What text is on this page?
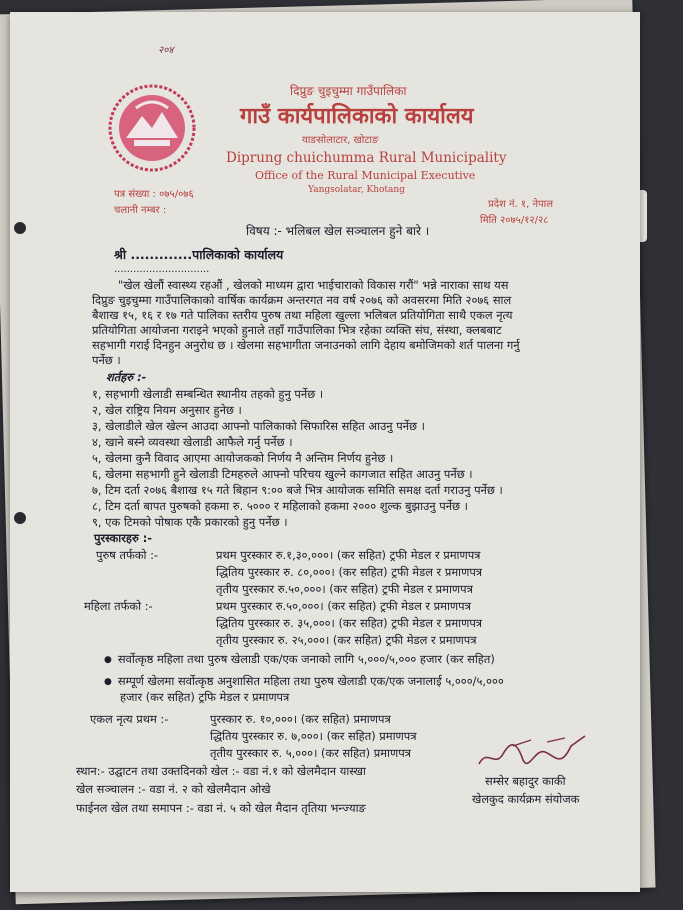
२०४
दिप्रुङ चुइचुम्मा गाउँपालिका
गाउँ कार्यपालिकाको कार्यालय
याङसोलाटार, खोटाङ
Diprung chuichumma Rural Municipality
Office of the Rural Municipal Executive
Yangsolatar, Khotang
पत्र संख्या : ०७५/०७६
चलानी नम्बर :
प्रदेश नं. १, नेपाल
मिति २०७५/१२/२८
विषय :- भलिबल खेल सञ्चालन हुने बारे ।
श्री .............पालिकाको कार्यालय
..............................
"खेल खेलौं स्वास्थ्य रहऔं , खेलको माध्यम द्वारा भाईचाराको विकास गरौं" भन्ने नाराका साथ यस
दिप्रुङ चुइचुम्मा गाउँपालिकाको वार्षिक कार्यक्रम अन्तरगत नव वर्ष २०७६ को अवसरमा मिति २०७६ साल
बैशाख १५, १६ र १७ गते पालिका स्तरीय पुरुष तथा महिला खुल्ला भलिबल प्रतियोगिता साथै एकल नृत्य
प्रतियोगिता आयोजना गराइने भएको हुनाले तहाँ गाउँपालिका भित्र रहेका व्यक्ति संघ, संस्था, क्लबबाट
सहभागी गराई दिनहुन अनुरोध छ । खेलमा सहभागीता जनाउनको लागि देहाय बमोजिमको शर्त पालना गर्नु
पर्नेछ ।
शर्तहरु :-
१, सहभागी खेलाडी सम्बन्धित स्थानीय तहको हुनु पर्नेछ ।
२, खेल राष्ट्रिय नियम अनुसार हुनेछ ।
३, खेलाडीले खेल खेल्न आउदा आफ्नो पालिकाको सिफारिस सहित आउनु पर्नेछ ।
४, खाने बस्ने व्यवस्था खेलाडी आफैले गर्नु पर्नेछ ।
५, खेलमा कुनै विवाद आएमा आयोजकको निर्णय नै अन्तिम निर्णय हुनेछ ।
६, खेलमा सहभागी हुने खेलाडी टिमहरुले आफ्नो परिचय खुल्ने कागजात सहित आउनु पर्नेछ ।
७, टिम दर्ता २०७६ बैशाख १५ गते बिहान ९:०० बजे भित्र आयोजक समिति समक्ष दर्ता गराउनु पर्नेछ ।
८, टिम दर्ता बापत पुरुषको हकमा रु. ५००० र महिलाको हकमा २००० शुल्क बुझाउनु पर्नेछ ।
९, एक टिमको पोषाक एकै प्रकारको हुनु पर्नेछ ।
पुरस्कारहरु :-
पुरुष तर्फको :-	प्रथम पुरस्कार रु.१,३०,०००। (कर सहित) ट्रफी मेडल र प्रमाणपत्र
द्धितिय पुरस्कार रु. ८०,०००। (कर सहित) ट्रफी मेडल र प्रमाणपत्र
तृतीय पुरस्कार रु.५०,०००। (कर सहित) ट्रफी मेडल र प्रमाणपत्र
महिला तर्फको :-	प्रथम पुरस्कार रु.५०,०००। (कर सहित) ट्रफी मेडल र प्रमाणपत्र
द्धितिय पुरस्कार रु. ३५,०००। (कर सहित) ट्रफी मेडल र प्रमाणपत्र
तृतीय पुरस्कार रु. २५,०००। (कर सहित) ट्रफी मेडल र प्रमाणपत्र
● सर्वोत्कृष्ठ महिला तथा पुरुष खेलाडी एक/एक जनाको लागि ५,०००/५,००० हजार (कर सहित)
● सम्पूर्ण खेलमा सर्वोत्कृष्ठ अनुशासित महिला तथा पुरुष खेलाडी एक/एक जनालाई ५,०००/५,०००
हजार (कर सहित) ट्रफि मेडल र प्रमाणपत्र
एकल नृत्य प्रथम :-	पुरस्कार रु. १०,०००। (कर सहित) प्रमाणपत्र
द्धितिय पुरस्कार रु. ७,०००। (कर सहित) प्रमाणपत्र
तृतीय पुरस्कार रु. ५,०००। (कर सहित) प्रमाणपत्र
स्थान:- उद्घाटन तथा उक्तदिनको खेल :- वडा नं.१ को खेलमैदान यास्खा
खेल सञ्चालन :- वडा नं. २ को खेलमैदान ओखे
फाईनल खेल तथा समापन :- वडा नं. ५ को खेल मैदान तृतिया भन्ज्याङ
सम्सेर बहादुर काकी
खेलकुद कार्यक्रम संयोजक
